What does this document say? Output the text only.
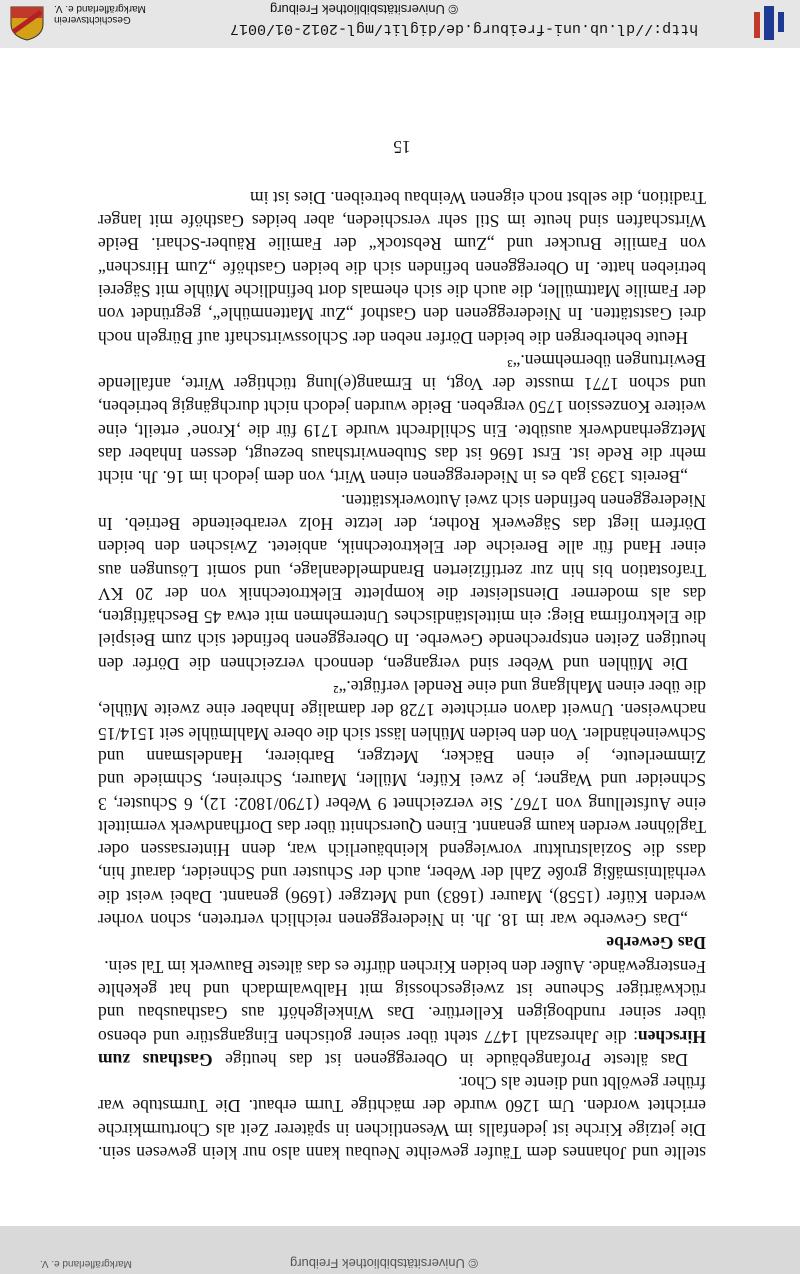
Geschichtsverein
Markgräflerland e. V.	© Universitätsbibliothek Freiburg
http://dl.ub.uni-freiburg.de/diglit/mgl-2012-01/0017

stellte und Johannes dem Täufer geweihte Neubau kann also nur klein gewesen sein. Die jetzige Kirche ist jedenfalls im Wesentlichen in späterer Zeit als Chorturmkirche errichtet worden. Um 1260 wurde der mächtige Turm erbaut. Die Turmstube war früher gewölbt und diente als Chor.

Das älteste Profangebäude in Obereggenen ist das heutige Gasthaus zum Hirschen: die Jahreszahl 1477 steht über seiner gotischen Eingangstüre und ebenso über seiner rundbogigen Kellertüre. Das Winkelgehöft aus Gasthausbau und rückwärtiger Scheune ist zweigeschossig mit Halbwalmdach und hat gekehlte Fenstergewände. Außer den beiden Kirchen dürfte es das älteste Bauwerk im Tal sein.

Das Gewerbe

„Das Gewerbe war im 18. Jh. in Niedereggenen reichlich vertreten, schon vorher werden Küfer (1558), Maurer (1683) und Metzger (1696) genannt. Dabei weist die verhältnismäßig große Zahl der Weber, auch der Schuster und Schneider, darauf hin, dass die Sozialstruktur vorwiegend kleinbäuerlich war, denn Hintersassen oder Taglöhner werden kaum genannt. Einen Querschnitt über das Dorfhandwerk vermittelt eine Aufstellung von 1767. Sie verzeichnet 9 Weber (1790/1802: 12), 6 Schuster, 3 Schneider und Wagner, je zwei Küfer, Müller, Maurer, Schreiner, Schmiede und Zimmerleute, je einen Bäcker, Metzger, Barbierer, Handelsmann und Schweinehändler. Von den beiden Mühlen lässt sich die obere Mahlmühle seit 1514/15 nachweisen. Unweit davon errichtete 1728 der damalige Inhaber eine zweite Mühle, die über einen Mahlgang und eine Rendel verfügte.“²

Die Mühlen und Weber sind vergangen, dennoch verzeichnen die Dörfer den heutigen Zeiten entsprechende Gewerbe. In Obereggenen befindet sich zum Beispiel die Elektrofirma Bieg: ein mittelständisches Unternehmen mit etwa 45 Beschäftigten, das als moderner Dienstleister die komplette Elektrotechnik von der 20 KV Trafostation bis hin zur zertifizierten Brandmeldeanlage, und somit Lösungen aus einer Hand für alle Bereiche der Elektrotechnik, anbietet. Zwischen den beiden Dörfern liegt das Sägewerk Rother, der letzte Holz verarbeitende Betrieb. In Niedereggenen befinden sich zwei Autowerkstätten.

„Bereits 1393 gab es in Niedereggenen einen Wirt, von dem jedoch im 16. Jh. nicht mehr die Rede ist. Erst 1696 ist das Stubenwirtshaus bezeugt, dessen Inhaber das Metzgerhandwerk ausübte. Ein Schildrecht wurde 1719 für die ‚Krone‘ erteilt, eine weitere Konzession 1750 vergeben. Beide wurden jedoch nicht durchgängig betrieben, und schon 1771 musste der Vogt, in Ermang(e)lung tüchtiger Wirte, anfallende Bewirtungen übernehmen.“³

Heute beherbergen die beiden Dörfer neben der Schlosswirtschaft auf Bürgeln noch drei Gaststätten. In Niedereggenen den Gasthof „Zur Mattenmühle“, gegründet von der Familie Mattmüller, die auch die sich ehemals dort befindliche Mühle mit Sägerei betrieben hatte. In Obereggenen befinden sich die beiden Gasthöfe „Zum Hirschen“ von Familie Brucker und „Zum Rebstock“ der Familie Räuber-Schari. Beide Wirtschaften sind heute im Stil sehr verschieden, aber beides Gasthöfe mit langer Tradition, die selbst noch eigenen Weinbau betreiben. Dies ist im

15

© Universitätsbibliothek Freiburg
Markgräflerland e. V.
